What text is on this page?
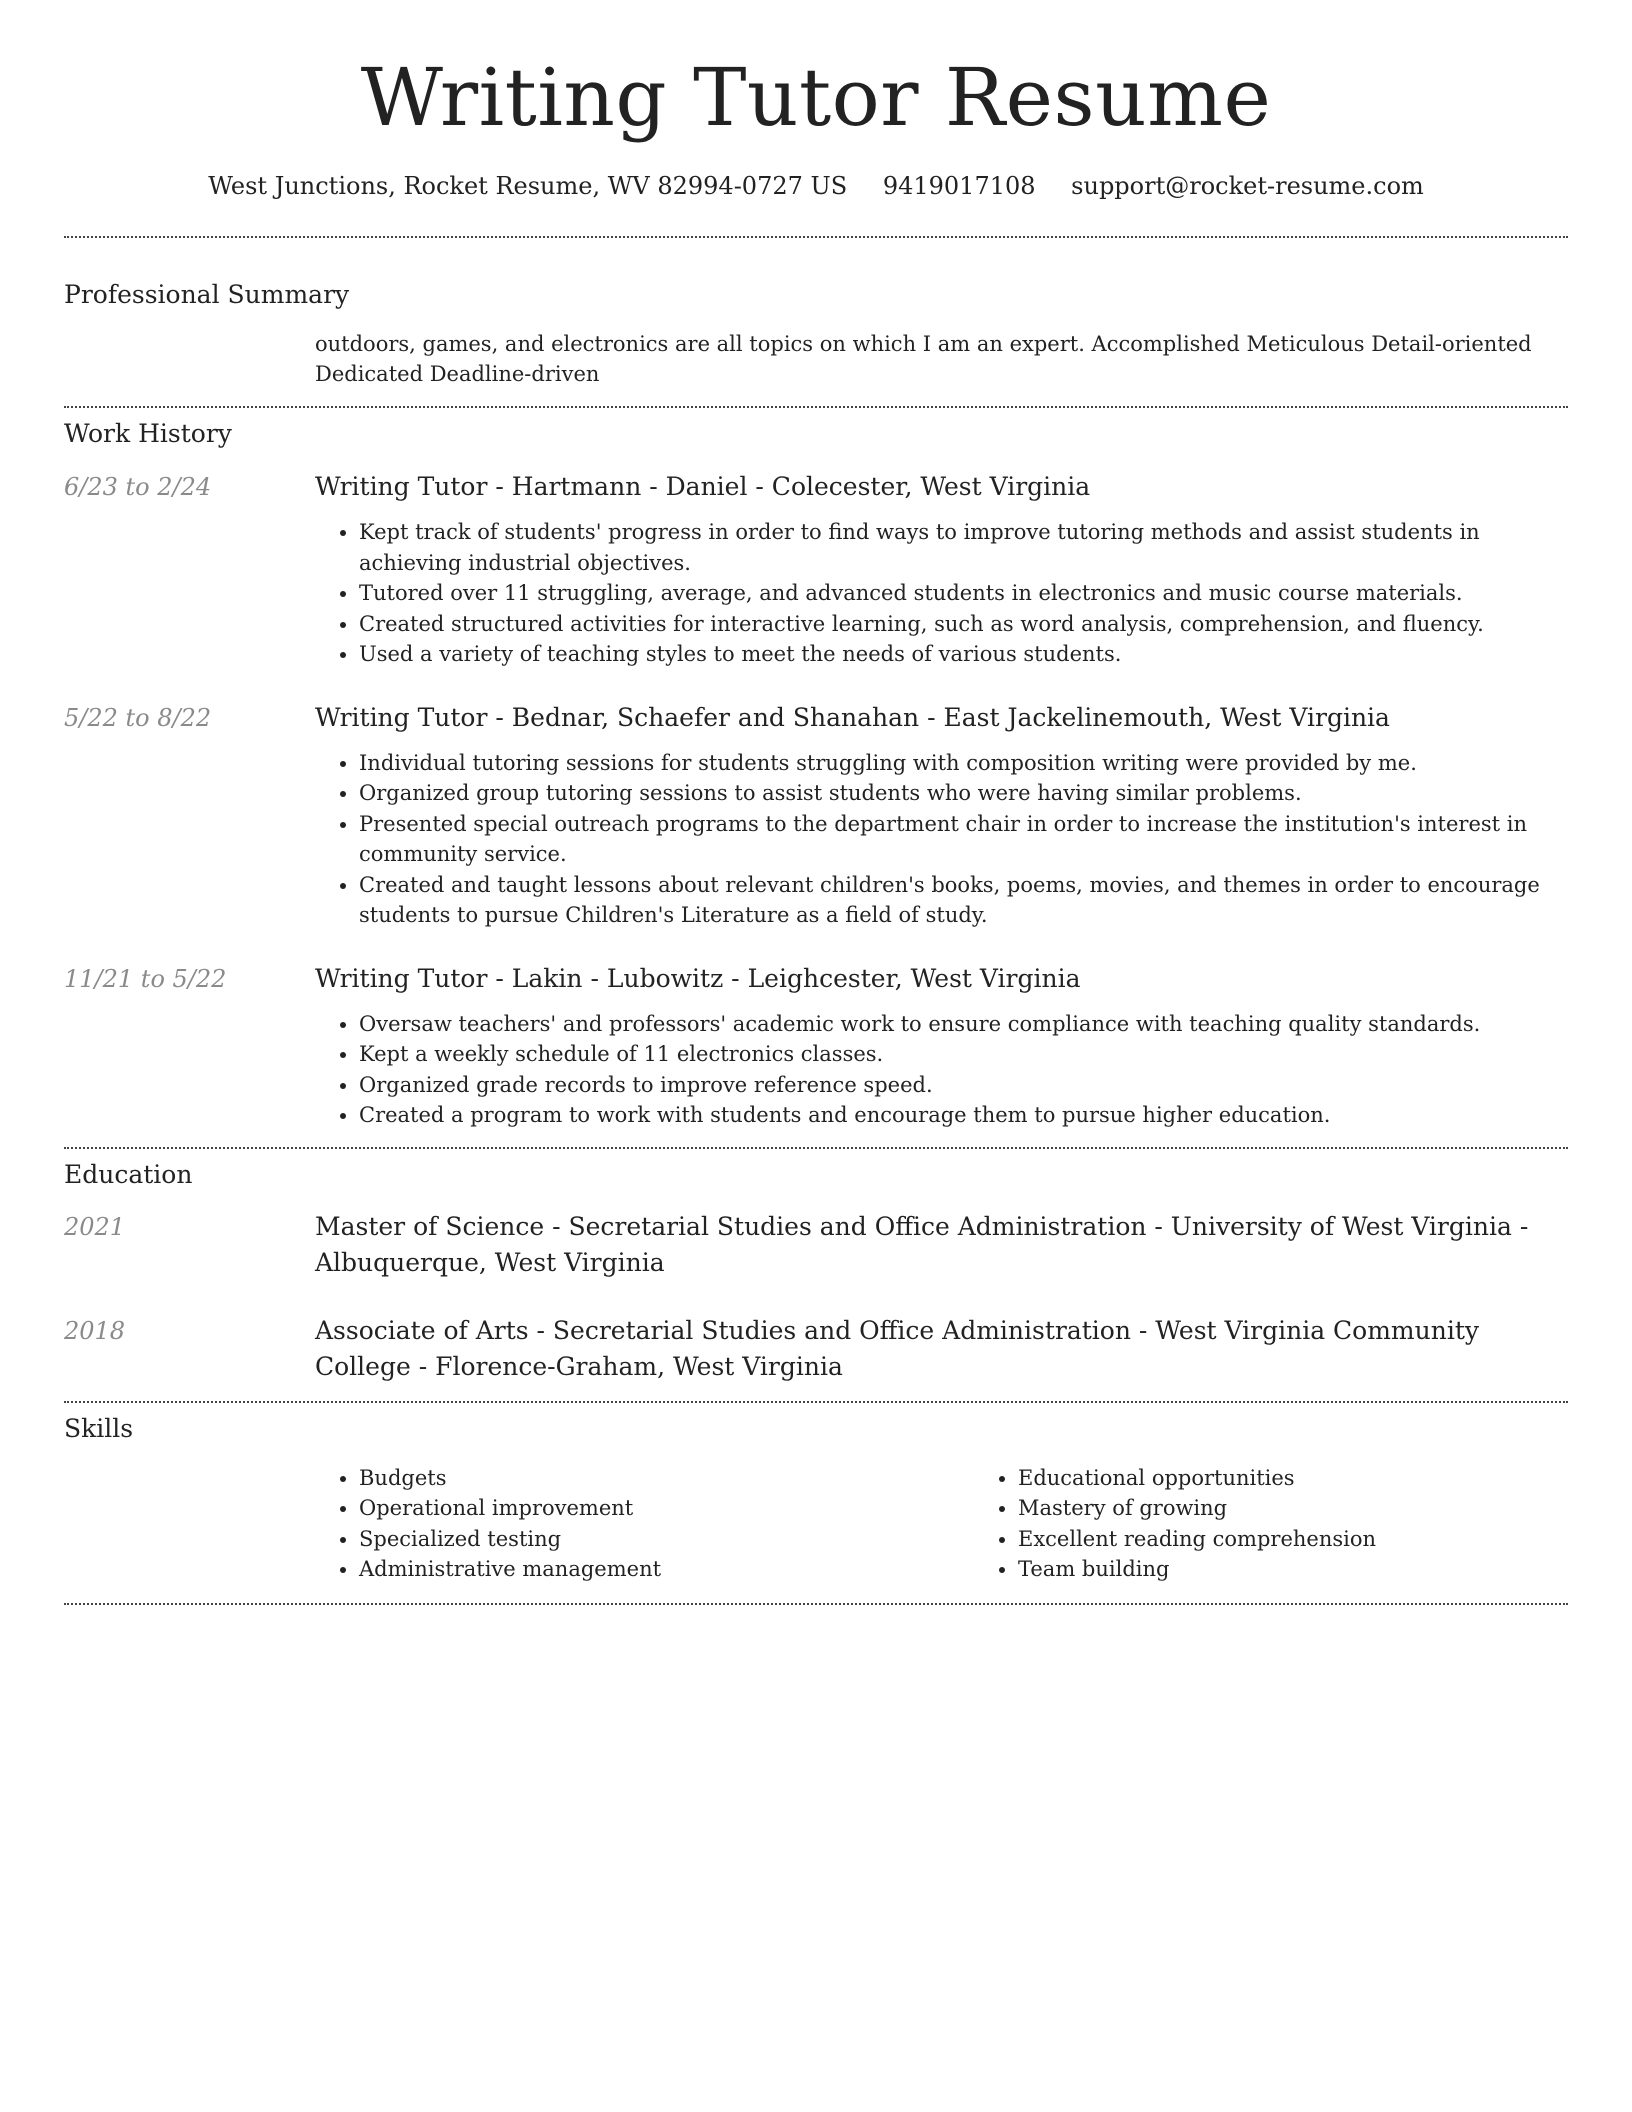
Writing Tutor Resume
West Junctions, Rocket Resume, WV 82994-0727 US 9419017108 support@rocket-resume.com
Professional Summary
outdoors, games, and electronics are all topics on which I am an expert. Accomplished Meticulous Detail-oriented Dedicated Deadline-driven
Work History
6/23 to 2/24	Writing Tutor - Hartmann - Daniel - Colecester, West Virginia
• Kept track of students' progress in order to find ways to improve tutoring methods and assist students in achieving industrial objectives.
• Tutored over 11 struggling, average, and advanced students in electronics and music course materials.
• Created structured activities for interactive learning, such as word analysis, comprehension, and fluency.
• Used a variety of teaching styles to meet the needs of various students.
5/22 to 8/22	Writing Tutor - Bednar, Schaefer and Shanahan - East Jackelinemouth, West Virginia
• Individual tutoring sessions for students struggling with composition writing were provided by me.
• Organized group tutoring sessions to assist students who were having similar problems.
• Presented special outreach programs to the department chair in order to increase the institution's interest in community service.
• Created and taught lessons about relevant children's books, poems, movies, and themes in order to encourage students to pursue Children's Literature as a field of study.
11/21 to 5/22	Writing Tutor - Lakin - Lubowitz - Leighcester, West Virginia
• Oversaw teachers' and professors' academic work to ensure compliance with teaching quality standards.
• Kept a weekly schedule of 11 electronics classes.
• Organized grade records to improve reference speed.
• Created a program to work with students and encourage them to pursue higher education.
Education
2021	Master of Science - Secretarial Studies and Office Administration - University of West Virginia - Albuquerque, West Virginia
2018	Associate of Arts - Secretarial Studies and Office Administration - West Virginia Community College - Florence-Graham, West Virginia
Skills
• Budgets
• Operational improvement
• Specialized testing
• Administrative management
• Educational opportunities
• Mastery of growing
• Excellent reading comprehension
• Team building
